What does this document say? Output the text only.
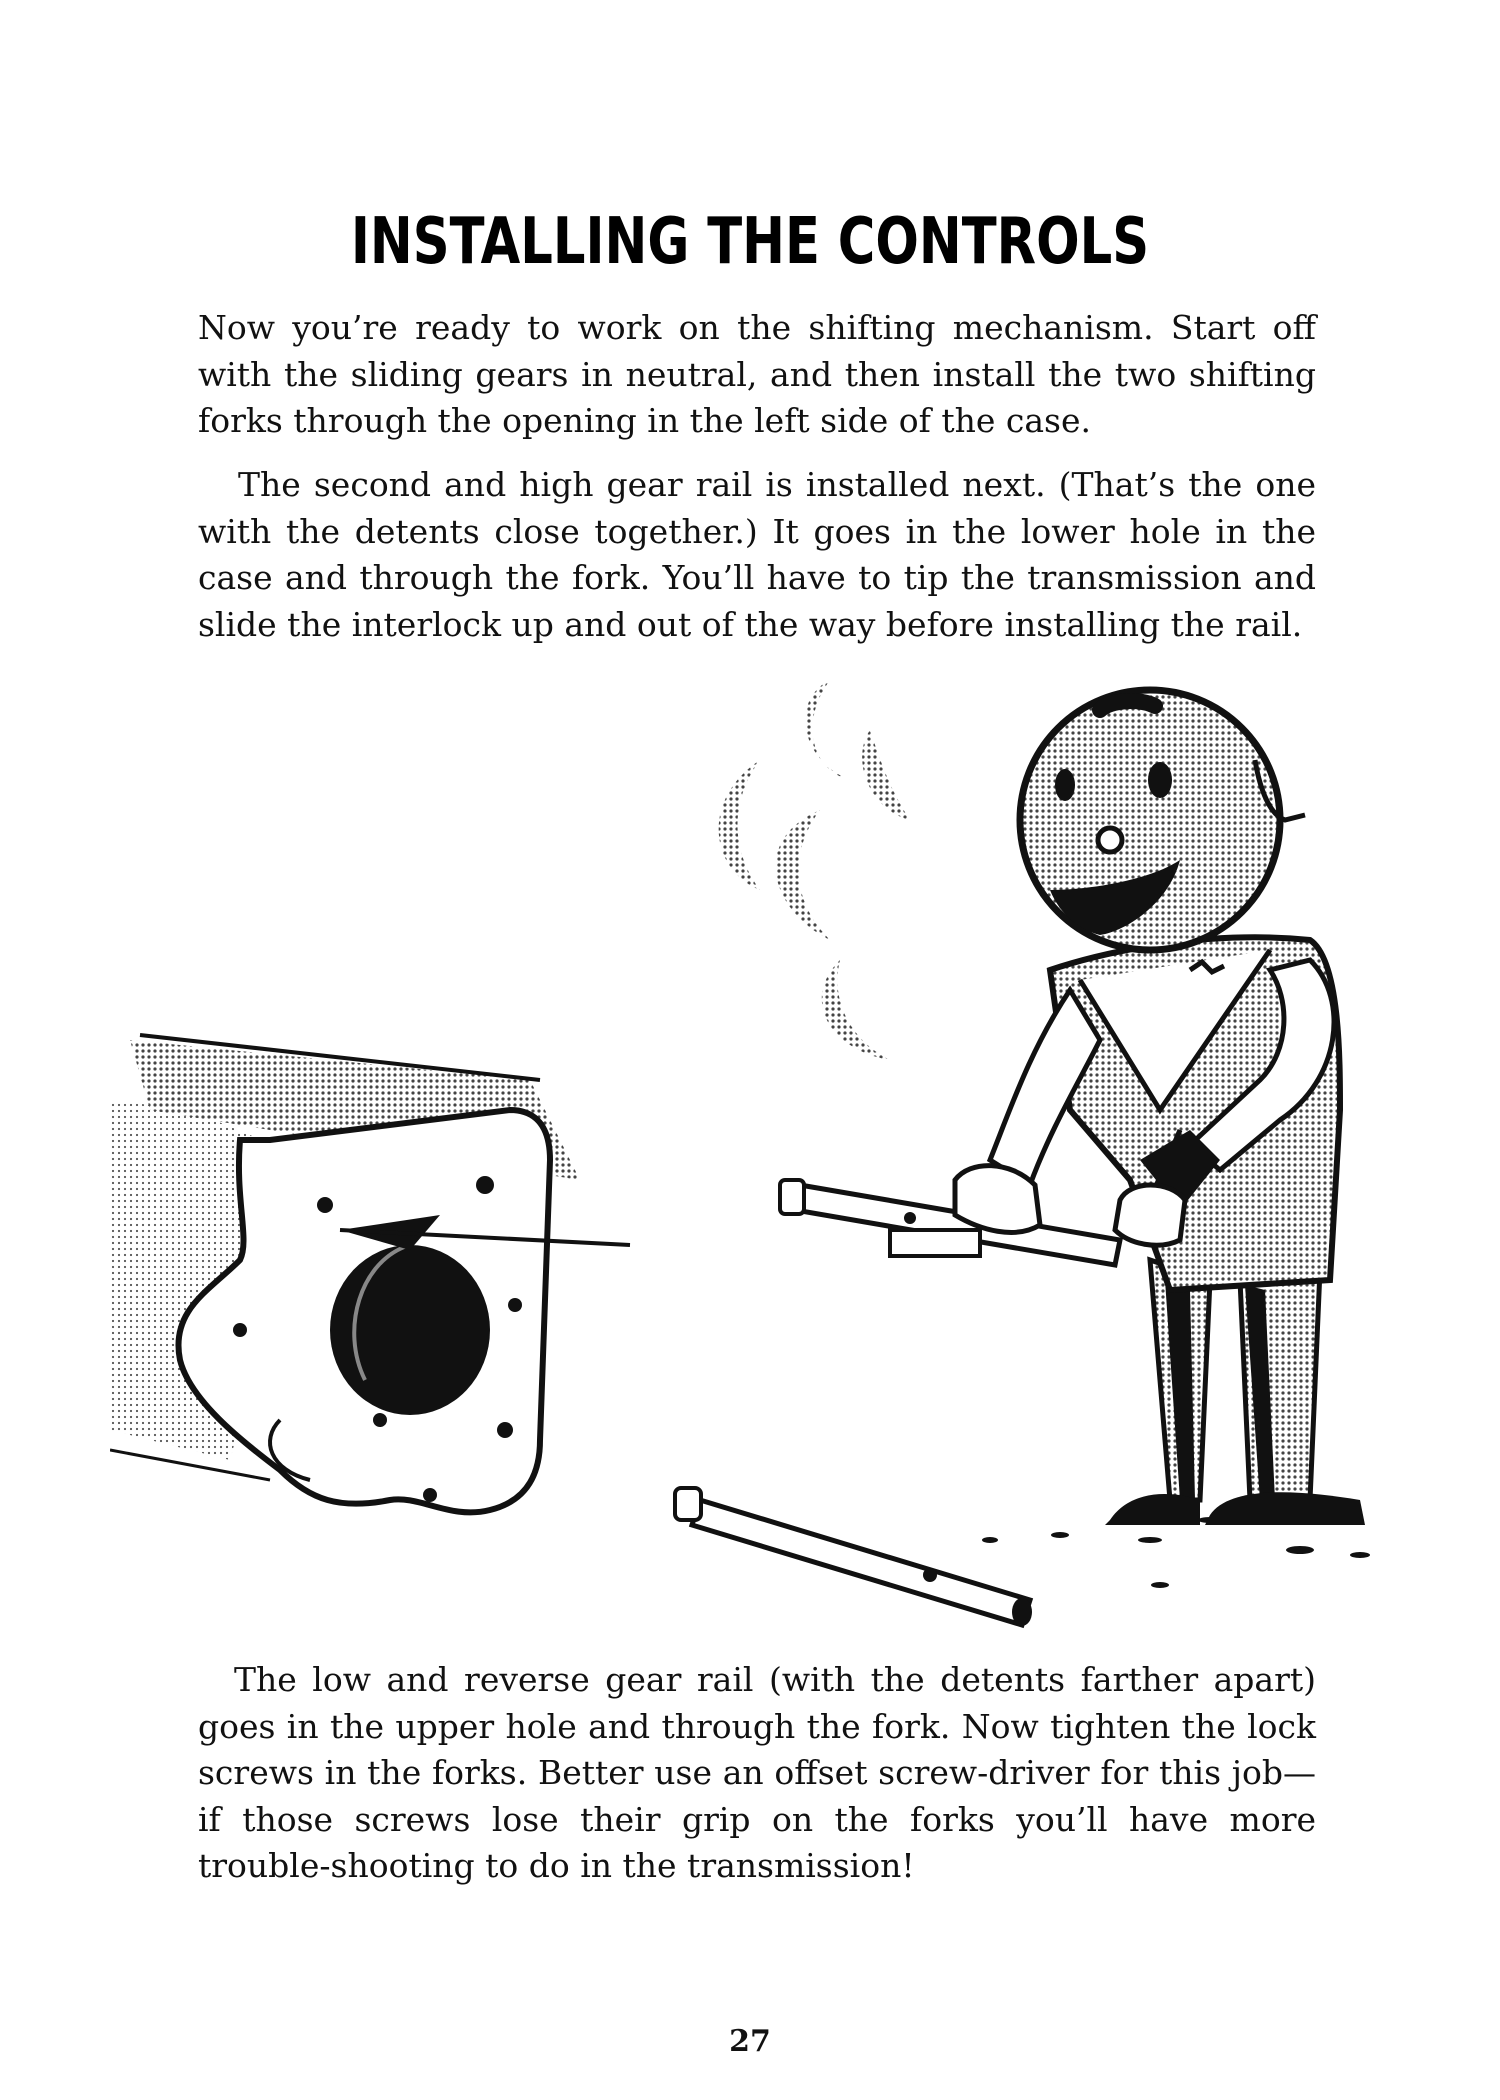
INSTALLING THE CONTROLS

Now you’re ready to work on the shifting mechanism. Start off with the sliding gears in neutral, and then install the two shifting forks through the opening in the left side of the case.

The second and high gear rail is installed next. (That’s the one with the detents close together.) It goes in the lower hole in the case and through the fork. You’ll have to tip the transmission and slide the interlock up and out of the way before installing the rail.

The low and reverse gear rail (with the detents farther apart) goes in the upper hole and through the fork. Now tighten the lock screws in the forks. Better use an offset screw-driver for this job—if those screws lose their grip on the forks you’ll have more trouble-shooting to do in the transmission!

27
